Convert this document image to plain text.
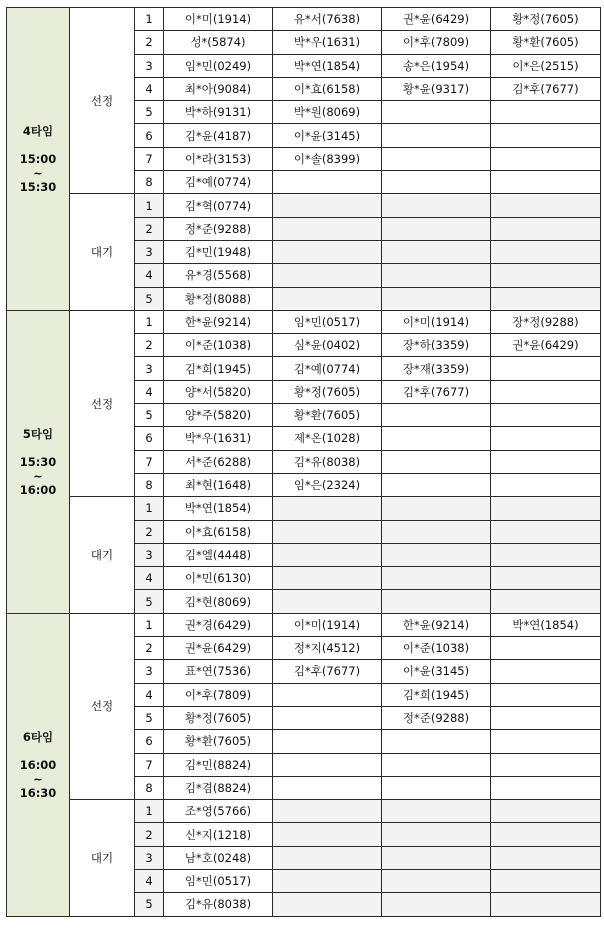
4타임

15:00
~
15:30	선정	1	이*미(1914)	유*서(7638)	권*윤(6429)	황*정(7605)
		2	성*(5874)	박*우(1631)	이*후(7809)	황*환(7605)
		3	임*민(0249)	박*연(1854)	송*은(1954)	이*은(2515)
		4	최*아(9084)	이*효(6158)	황*윤(9317)	김*후(7677)
		5	박*하(9131)	박*원(8069)		
		6	김*윤(4187)	이*윤(3145)		
		7	이*라(3153)	이*솔(8399)		
		8	김*예(0774)			
	대기	1	김*혁(0774)			
		2	정*준(9288)			
		3	김*민(1948)			
		4	유*경(5568)			
		5	황*정(8088)			

5타임

15:30
~
16:00	선정	1	한*윤(9214)	임*민(0517)	이*미(1914)	장*정(9288)
		2	이*준(1038)	심*윤(0402)	장*하(3359)	권*윤(6429)
		3	김*희(1945)	김*예(0774)	장*재(3359)	
		4	양*서(5820)	황*정(7605)	김*후(7677)	
		5	양*주(5820)	황*환(7605)		
		6	박*우(1631)	제*온(1028)		
		7	서*준(6288)	김*유(8038)		
		8	최*현(1648)	임*은(2324)		
	대기	1	박*연(1854)			
		2	이*효(6158)			
		3	김*엘(4448)			
		4	이*민(6130)			
		5	김*현(8069)			

6타임

16:00
~
16:30	선정	1	권*경(6429)	이*미(1914)	한*윤(9214)	박*연(1854)
		2	권*윤(6429)	정*지(4512)	이*준(1038)	
		3	표*연(7536)	김*후(7677)	이*윤(3145)	
		4	이*후(7809)		김*희(1945)	
		5	황*정(7605)		정*준(9288)	
		6	황*환(7605)			
		7	김*민(8824)			
		8	김*겸(8824)			
	대기	1	조*영(5766)			
		2	신*지(1218)			
		3	남*호(0248)			
		4	임*민(0517)			
		5	김*유(8038)			
